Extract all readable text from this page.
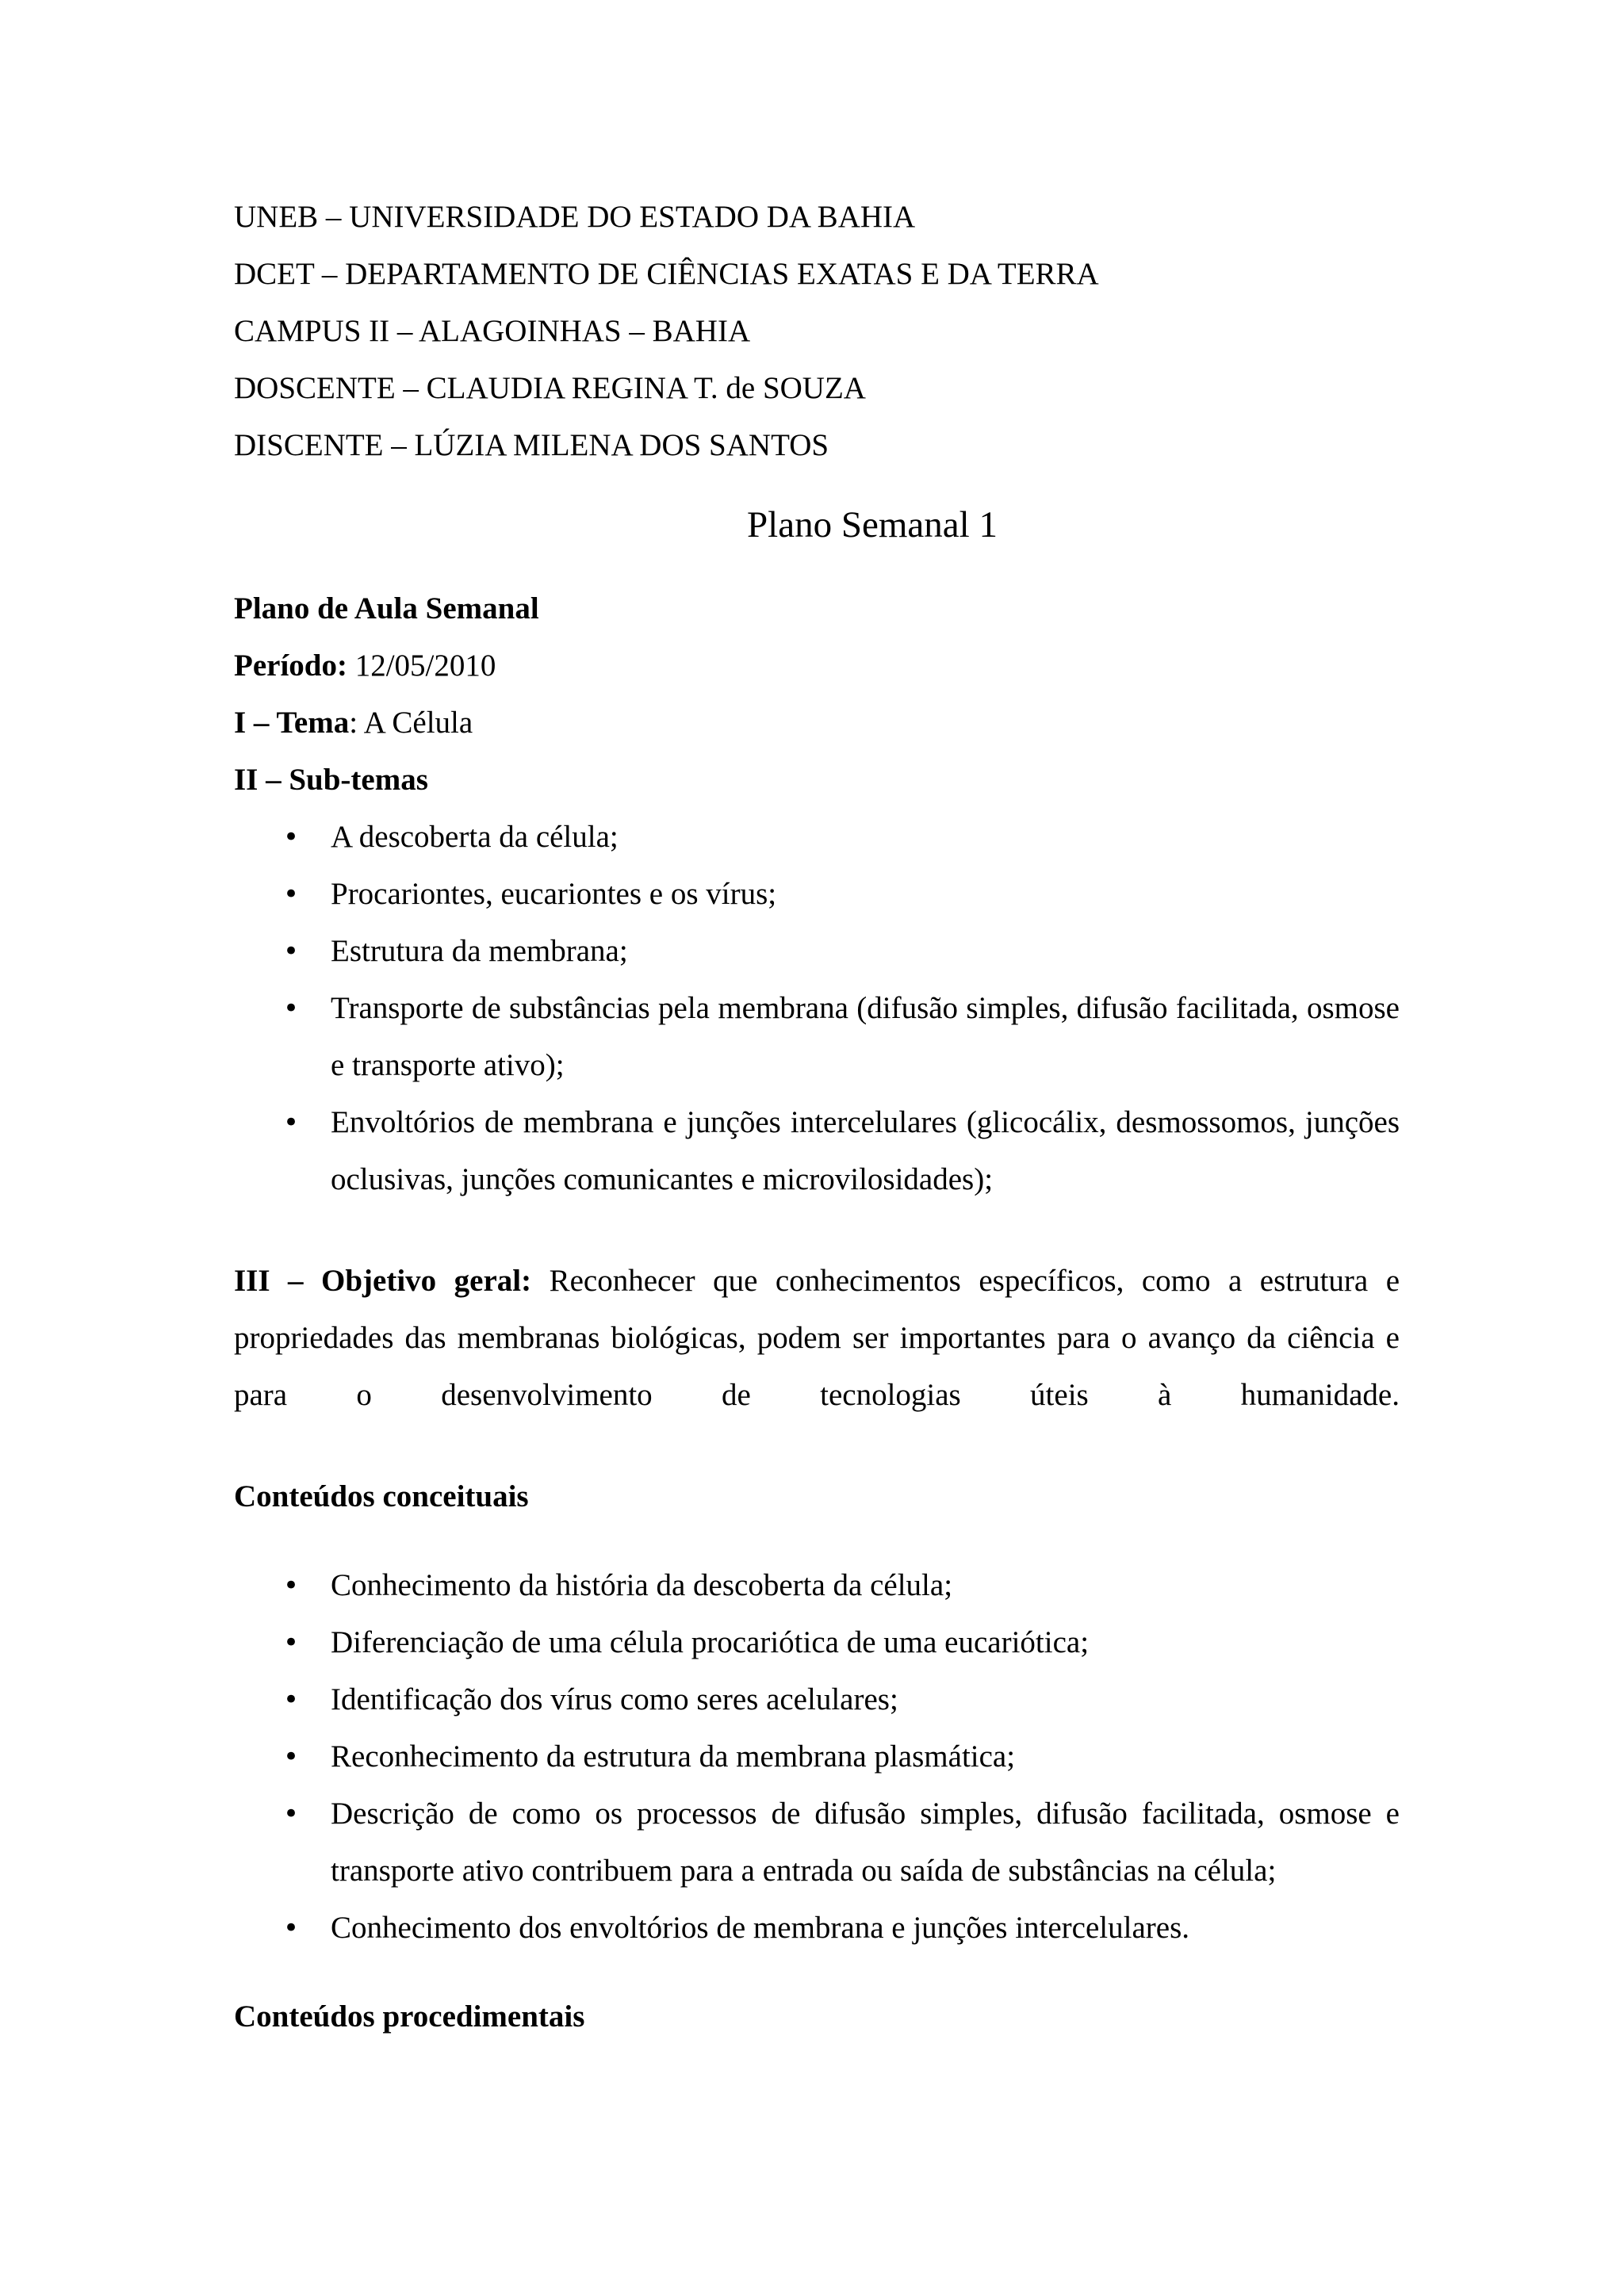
UNEB – UNIVERSIDADE DO ESTADO DA BAHIA
DCET – DEPARTAMENTO DE CIÊNCIAS EXATAS E DA TERRA
CAMPUS II – ALAGOINHAS – BAHIA
DOSCENTE – CLAUDIA REGINA T. de SOUZA
DISCENTE – LÚZIA MILENA DOS SANTOS
Plano Semanal 1
Plano de Aula Semanal
Período: 12/05/2010
I – Tema: A Célula
II – Sub-temas
• A descoberta da célula;
• Procariontes, eucariontes e os vírus;
• Estrutura da membrana;
• Transporte de substâncias pela membrana (difusão simples, difusão facilitada, osmose e transporte ativo);
• Envoltórios de membrana e junções intercelulares (glicocálix, desmossomos, junções oclusivas, junções comunicantes e microvilosidades);
III – Objetivo geral: Reconhecer que conhecimentos específicos, como a estrutura e propriedades das membranas biológicas, podem ser importantes para o avanço da ciência e para o desenvolvimento de tecnologias úteis à humanidade.
Conteúdos conceituais
• Conhecimento da história da descoberta da célula;
• Diferenciação de uma célula procariótica de uma eucariótica;
• Identificação dos vírus como seres acelulares;
• Reconhecimento da estrutura da membrana plasmática;
• Descrição de como os processos de difusão simples, difusão facilitada, osmose e transporte ativo contribuem para a entrada ou saída de substâncias na célula;
• Conhecimento dos envoltórios de membrana e junções intercelulares.
Conteúdos procedimentais
